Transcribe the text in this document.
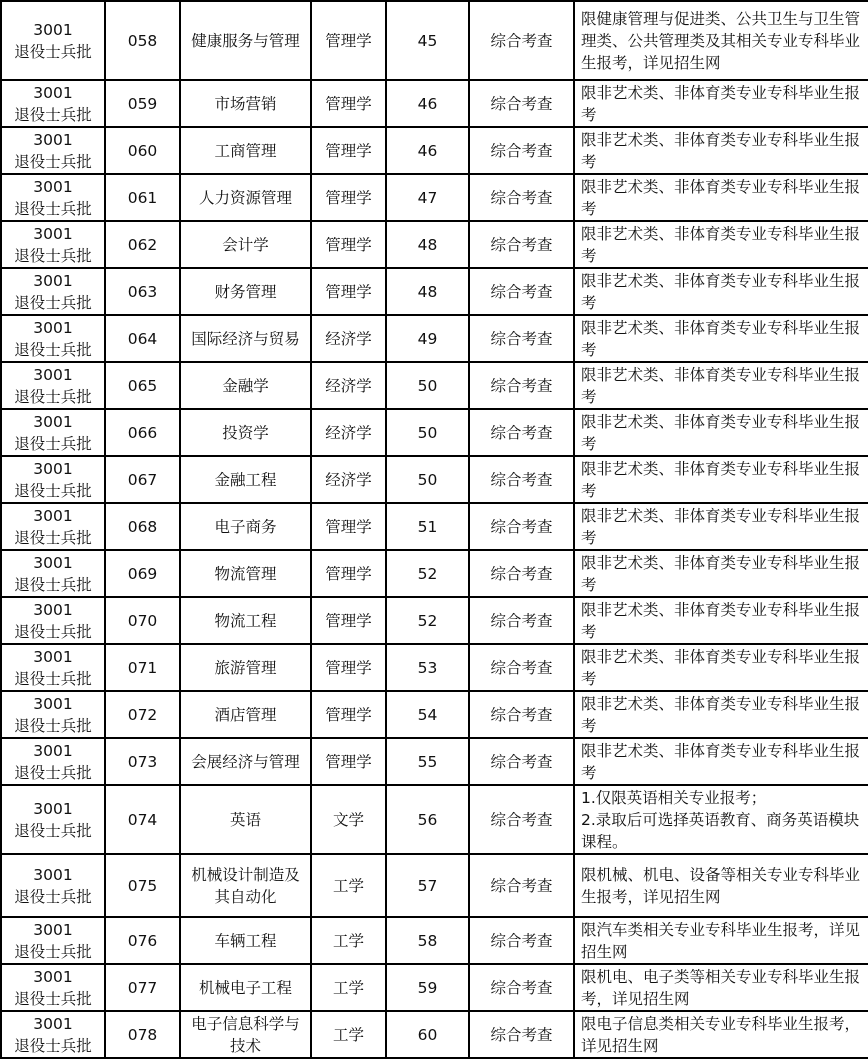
3001
退役士兵批	058	健康服务与管理	管理学	45	综合考查	限健康管理与促进类、公共卫生与卫生管理类、公共管理类及其相关专业专科毕业生报考，详见招生网

3001
退役士兵批	059	市场营销	管理学	46	综合考查	限非艺术类、非体育类专业专科毕业生报考

3001
退役士兵批	060	工商管理	管理学	46	综合考查	限非艺术类、非体育类专业专科毕业生报考

3001
退役士兵批	061	人力资源管理	管理学	47	综合考查	限非艺术类、非体育类专业专科毕业生报考

3001
退役士兵批	062	会计学	管理学	48	综合考查	限非艺术类、非体育类专业专科毕业生报考

3001
退役士兵批	063	财务管理	管理学	48	综合考查	限非艺术类、非体育类专业专科毕业生报考

3001
退役士兵批	064	国际经济与贸易	经济学	49	综合考查	限非艺术类、非体育类专业专科毕业生报考

3001
退役士兵批	065	金融学	经济学	50	综合考查	限非艺术类、非体育类专业专科毕业生报考

3001
退役士兵批	066	投资学	经济学	50	综合考查	限非艺术类、非体育类专业专科毕业生报考

3001
退役士兵批	067	金融工程	经济学	50	综合考查	限非艺术类、非体育类专业专科毕业生报考

3001
退役士兵批	068	电子商务	管理学	51	综合考查	限非艺术类、非体育类专业专科毕业生报考

3001
退役士兵批	069	物流管理	管理学	52	综合考查	限非艺术类、非体育类专业专科毕业生报考

3001
退役士兵批	070	物流工程	管理学	52	综合考查	限非艺术类、非体育类专业专科毕业生报考

3001
退役士兵批	071	旅游管理	管理学	53	综合考查	限非艺术类、非体育类专业专科毕业生报考

3001
退役士兵批	072	酒店管理	管理学	54	综合考查	限非艺术类、非体育类专业专科毕业生报考

3001
退役士兵批	073	会展经济与管理	管理学	55	综合考查	限非艺术类、非体育类专业专科毕业生报考

3001
退役士兵批	074	英语	文学	56	综合考查	1.仅限英语相关专业报考；
2.录取后可选择英语教育、商务英语模块课程。

3001
退役士兵批	075	机械设计制造及其自动化	工学	57	综合考查	限机械、机电、设备等相关专业专科毕业生报考，详见招生网

3001
退役士兵批	076	车辆工程	工学	58	综合考查	限汽车类相关专业专科毕业生报考，详见招生网

3001
退役士兵批	077	机械电子工程	工学	59	综合考查	限机电、电子类等相关专业专科毕业生报考，详见招生网

3001
退役士兵批	078	电子信息科学与技术	工学	60	综合考查	限电子信息类相关专业专科毕业生报考，详见招生网
